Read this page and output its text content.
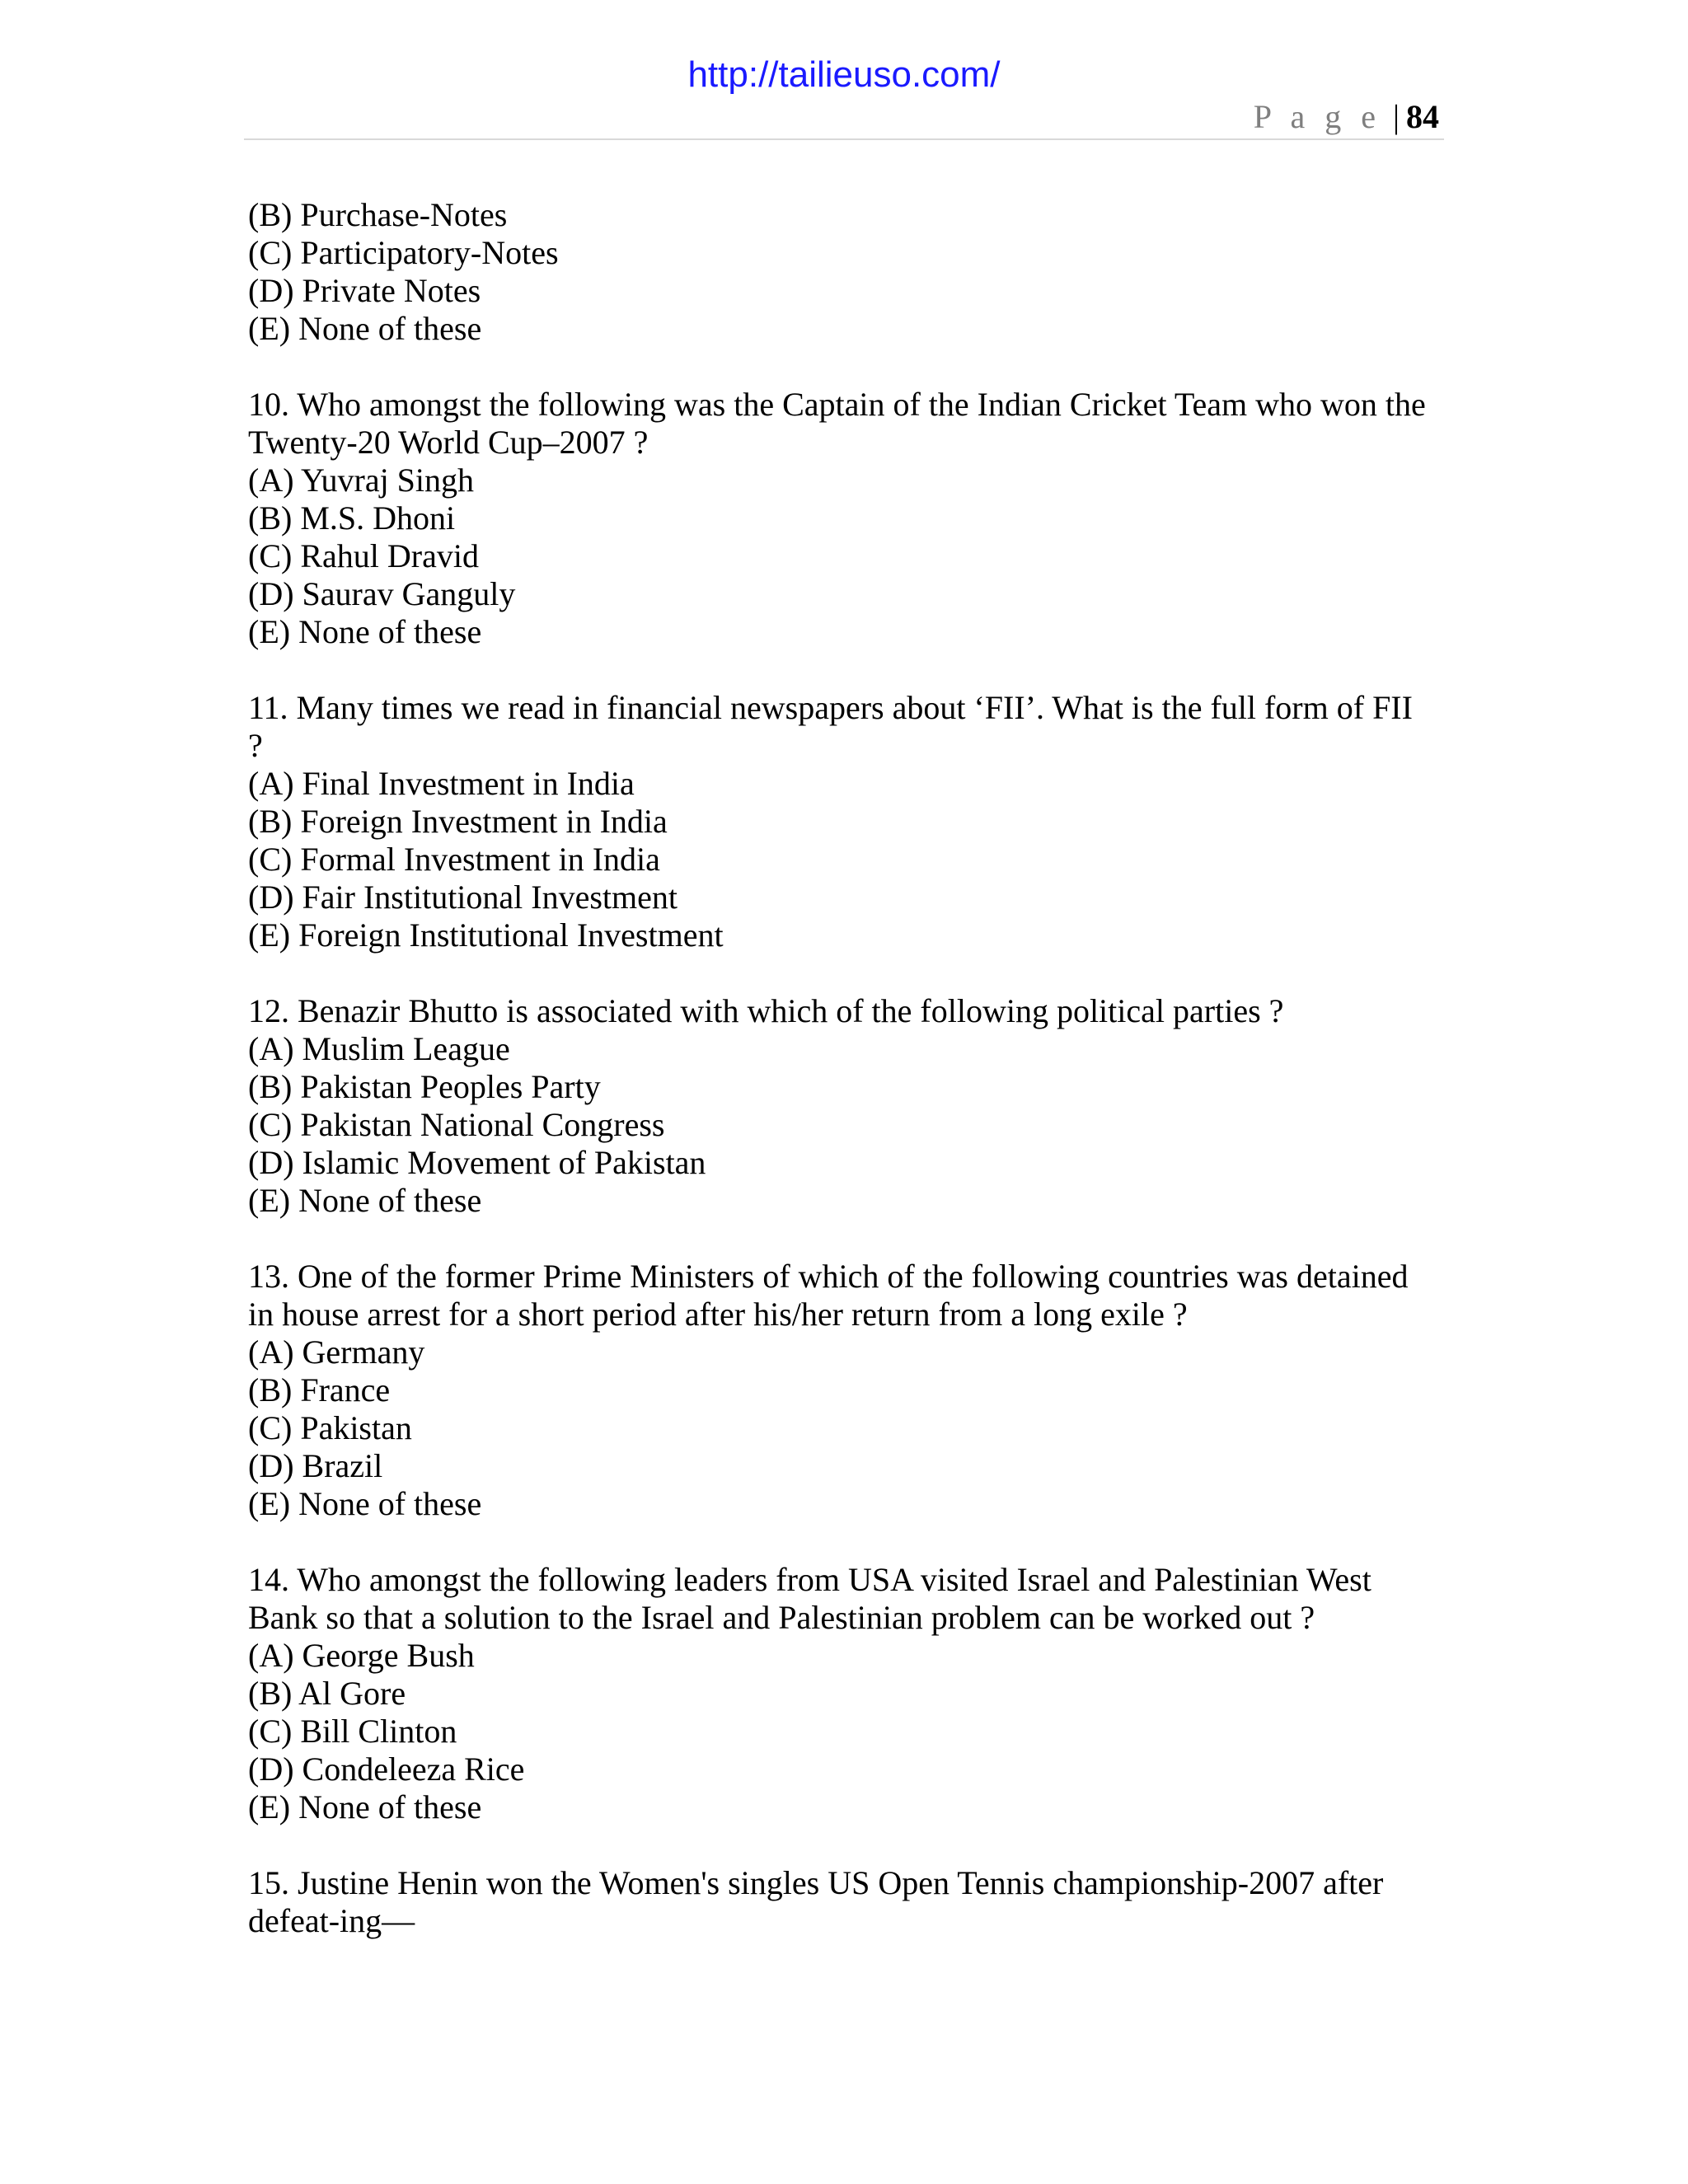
http://tailieuso.com/
P a g e | 84
(B) Purchase-Notes
(C) Participatory-Notes
(D) Private Notes
(E) None of these
10. Who amongst the following was the Captain of the Indian Cricket Team who won the
Twenty-20 World Cup–2007 ?
(A) Yuvraj Singh
(B) M.S. Dhoni
(C) Rahul Dravid
(D) Saurav Ganguly
(E) None of these
11. Many times we read in financial newspapers about ‘FII’. What is the full form of FII
?
(A) Final Investment in India
(B) Foreign Investment in India
(C) Formal Investment in India
(D) Fair Institutional Investment
(E) Foreign Institutional Investment
12. Benazir Bhutto is associated with which of the following political parties ?
(A) Muslim League
(B) Pakistan Peoples Party
(C) Pakistan National Congress
(D) Islamic Movement of Pakistan
(E) None of these
13. One of the former Prime Ministers of which of the following countries was detained
in house arrest for a short period after his/her return from a long exile ?
(A) Germany
(B) France
(C) Pakistan
(D) Brazil
(E) None of these
14. Who amongst the following leaders from USA visited Israel and Palestinian West
Bank so that a solution to the Israel and Palestinian problem can be worked out ?
(A) George Bush
(B) Al Gore
(C) Bill Clinton
(D) Condeleeza Rice
(E) None of these
15. Justine Henin won the Women's singles US Open Tennis championship-2007 after
defeat-ing—
